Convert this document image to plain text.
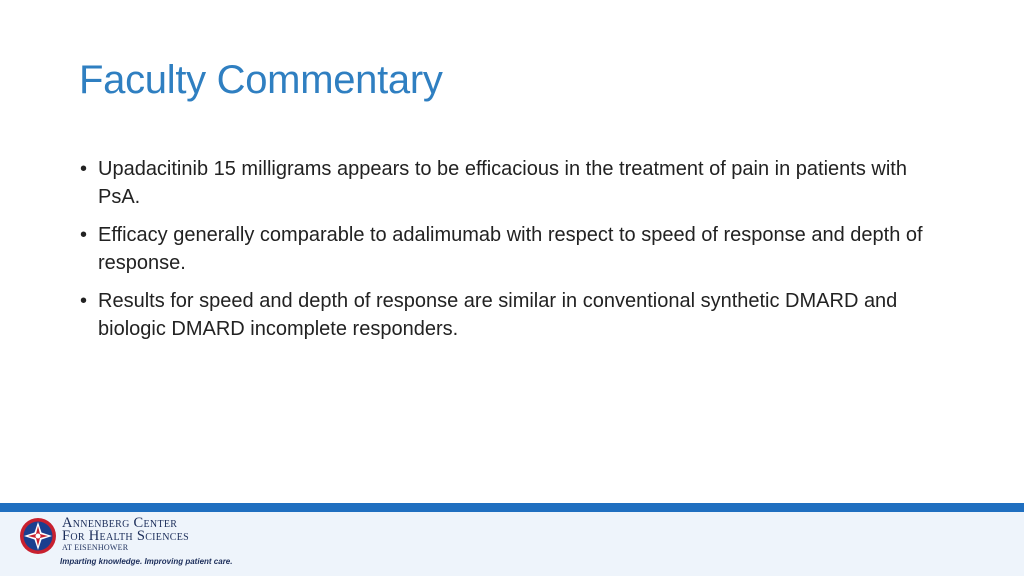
Faculty Commentary
• Upadacitinib 15 milligrams appears to be efficacious in the treatment of pain in patients with PsA.
• Efficacy generally comparable to adalimumab with respect to speed of response and depth of response.
• Results for speed and depth of response are similar in conventional synthetic DMARD and biologic DMARD incomplete responders.
Annenberg Center
For Health Sciences
AT EISENHOWER
Imparting knowledge. Improving patient care.
